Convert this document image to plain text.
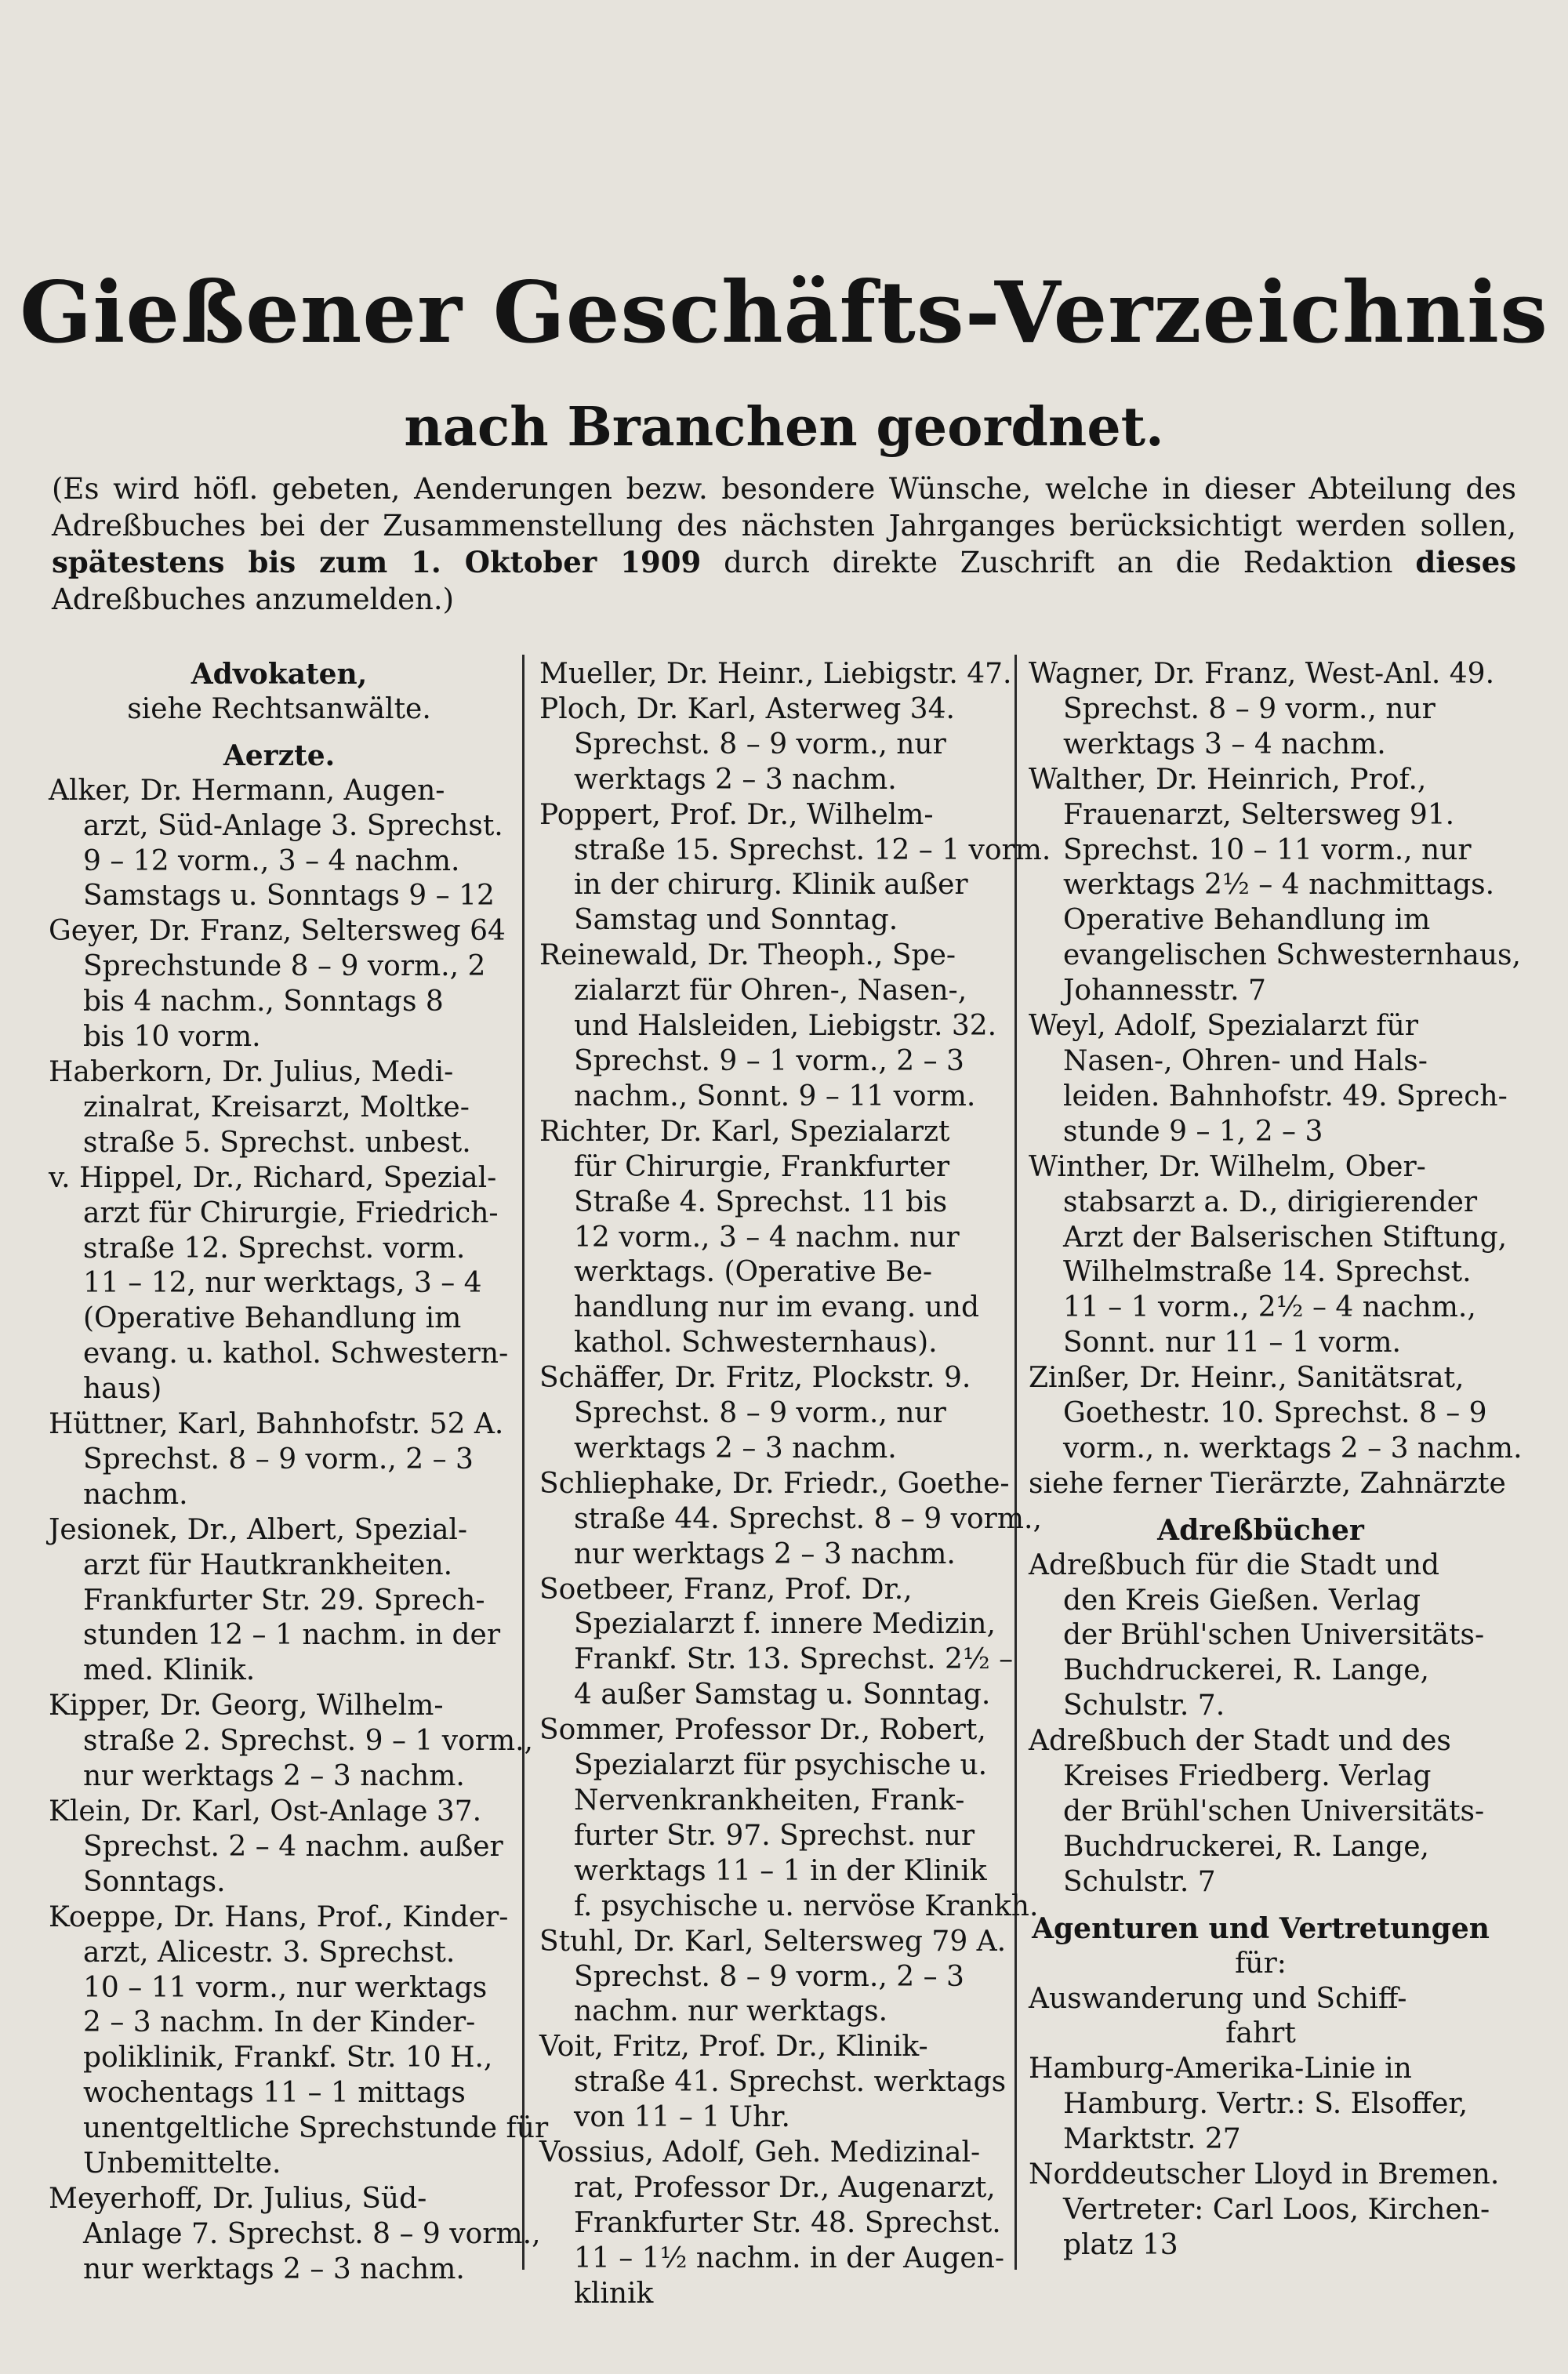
Gießener Geschäfts-Verzeichnis
nach Branchen geordnet.
(Es wird höfl. gebeten, Aenderungen bezw. besondere Wünsche, welche in dieser Abteilung des Adreßbuches bei der Zusammenstellung des nächsten Jahrganges berücksichtigt werden sollen, spätestens bis zum 1. Oktober 1909 durch direkte Zuschrift an die Redaktion dieses Adreßbuches anzumelden.)
Advokaten,
siehe Rechtsanwälte.
Aerzte.
Alker, Dr. Hermann, Augen-
arzt, Süd-Anlage 3. Sprechst.
9 – 12 vorm., 3 – 4 nachm.
Samstags u. Sonntags 9 – 12
Geyer, Dr. Franz, Seltersweg 64
Sprechstunde 8 – 9 vorm., 2
bis 4 nachm., Sonntags 8
bis 10 vorm.
Haberkorn, Dr. Julius, Medi-
zinalrat, Kreisarzt, Moltke-
straße 5. Sprechst. unbest.
v. Hippel, Dr., Richard, Spezial-
arzt für Chirurgie, Friedrich-
straße 12. Sprechst. vorm.
11 – 12, nur werktags, 3 – 4
(Operative Behandlung im
evang. u. kathol. Schwestern-
haus)
Hüttner, Karl, Bahnhofstr. 52 A.
Sprechst. 8 – 9 vorm., 2 – 3
nachm.
Jesionek, Dr., Albert, Spezial-
arzt für Hautkrankheiten.
Frankfurter Str. 29. Sprech-
stunden 12 – 1 nachm. in der
med. Klinik.
Kipper, Dr. Georg, Wilhelm-
straße 2. Sprechst. 9 – 1 vorm.,
nur werktags 2 – 3 nachm.
Klein, Dr. Karl, Ost-Anlage 37.
Sprechst. 2 – 4 nachm. außer
Sonntags.
Koeppe, Dr. Hans, Prof., Kinder-
arzt, Alicestr. 3. Sprechst.
10 – 11 vorm., nur werktags
2 – 3 nachm. In der Kinder-
poliklinik, Frankf. Str. 10 H.,
wochentags 11 – 1 mittags
unentgeltliche Sprechstunde für
Unbemittelte.
Meyerhoff, Dr. Julius, Süd-
Anlage 7. Sprechst. 8 – 9 vorm.,
nur werktags 2 – 3 nachm.
Mueller, Dr. Heinr., Liebigstr. 47.
Ploch, Dr. Karl, Asterweg 34.
Sprechst. 8 – 9 vorm., nur
werktags 2 – 3 nachm.
Poppert, Prof. Dr., Wilhelm-
straße 15. Sprechst. 12 – 1 vorm.
in der chirurg. Klinik außer
Samstag und Sonntag.
Reinewald, Dr. Theoph., Spe-
zialarzt für Ohren-, Nasen-,
und Halsleiden, Liebigstr. 32.
Sprechst. 9 – 1 vorm., 2 – 3
nachm., Sonnt. 9 – 11 vorm.
Richter, Dr. Karl, Spezialarzt
für Chirurgie, Frankfurter
Straße 4. Sprechst. 11 bis
12 vorm., 3 – 4 nachm. nur
werktags. (Operative Be-
handlung nur im evang. und
kathol. Schwesternhaus).
Schäffer, Dr. Fritz, Plockstr. 9.
Sprechst. 8 – 9 vorm., nur
werktags 2 – 3 nachm.
Schliephake, Dr. Friedr., Goethe-
straße 44. Sprechst. 8 – 9 vorm.,
nur werktags 2 – 3 nachm.
Soetbeer, Franz, Prof. Dr.,
Spezialarzt f. innere Medizin,
Frankf. Str. 13. Sprechst. 2½ –
4 außer Samstag u. Sonntag.
Sommer, Professor Dr., Robert,
Spezialarzt für psychische u.
Nervenkrankheiten, Frank-
furter Str. 97. Sprechst. nur
werktags 11 – 1 in der Klinik
f. psychische u. nervöse Krankh.
Stuhl, Dr. Karl, Seltersweg 79 A.
Sprechst. 8 – 9 vorm., 2 – 3
nachm. nur werktags.
Voit, Fritz, Prof. Dr., Klinik-
straße 41. Sprechst. werktags
von 11 – 1 Uhr.
Vossius, Adolf, Geh. Medizinal-
rat, Professor Dr., Augenarzt,
Frankfurter Str. 48. Sprechst.
11 – 1½ nachm. in der Augen-
klinik
Wagner, Dr. Franz, West-Anl. 49.
Sprechst. 8 – 9 vorm., nur
werktags 3 – 4 nachm.
Walther, Dr. Heinrich, Prof.,
Frauenarzt, Seltersweg 91.
Sprechst. 10 – 11 vorm., nur
werktags 2½ – 4 nachmittags.
Operative Behandlung im
evangelischen Schwesternhaus,
Johannesstr. 7
Weyl, Adolf, Spezialarzt für
Nasen-, Ohren- und Hals-
leiden. Bahnhofstr. 49. Sprech-
stunde 9 – 1, 2 – 3
Winther, Dr. Wilhelm, Ober-
stabsarzt a. D., dirigierender
Arzt der Balserischen Stiftung,
Wilhelmstraße 14. Sprechst.
11 – 1 vorm., 2½ – 4 nachm.,
Sonnt. nur 11 – 1 vorm.
Zinßer, Dr. Heinr., Sanitätsrat,
Goethestr. 10. Sprechst. 8 – 9
vorm., n. werktags 2 – 3 nachm.
siehe ferner Tierärzte, Zahnärzte
Adreßbücher
Adreßbuch für die Stadt und
den Kreis Gießen. Verlag
der Brühl'schen Universitäts-
Buchdruckerei, R. Lange,
Schulstr. 7.
Adreßbuch der Stadt und des
Kreises Friedberg. Verlag
der Brühl'schen Universitäts-
Buchdruckerei, R. Lange,
Schulstr. 7
Agenturen und Vertretungen
für:
Auswanderung und Schiff-
fahrt
Hamburg-Amerika-Linie in
Hamburg. Vertr.: S. Elsoffer,
Marktstr. 27
Norddeutscher Lloyd in Bremen.
Vertreter: Carl Loos, Kirchen-
platz 13
